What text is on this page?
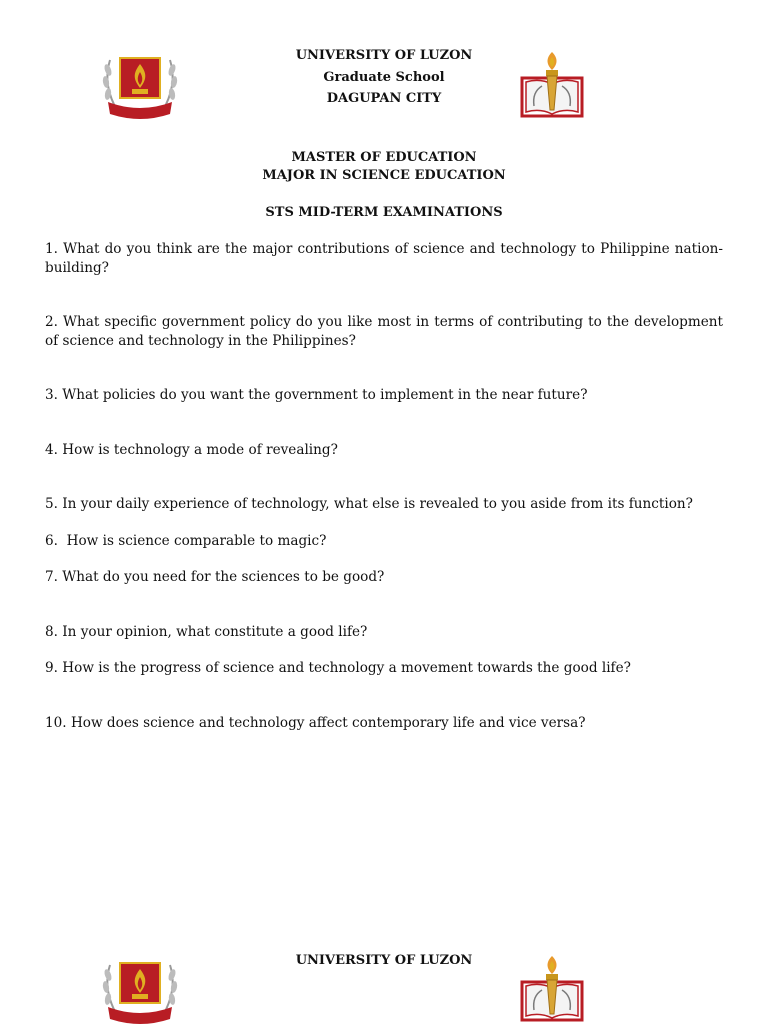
UNIVERSITY OF LUZON
Graduate School
DAGUPAN CITY
MASTER OF EDUCATION
MAJOR IN SCIENCE EDUCATION
STS MID-TERM EXAMINATIONS
1. What do you think are the major contributions of science and technology to Philippine nation-building?
2. What specific government policy do you like most in terms of contributing to the development of science and technology in the Philippines?
3. What policies do you want the government to implement in the near future?
4. How is technology a mode of revealing?
5. In your daily experience of technology, what else is revealed to you aside from its function?
6.  How is science comparable to magic?
7. What do you need for the sciences to be good?
8. In your opinion, what constitute a good life?
9. How is the progress of science and technology a movement towards the good life?
10. How does science and technology affect contemporary life and vice versa?
UNIVERSITY OF LUZON
